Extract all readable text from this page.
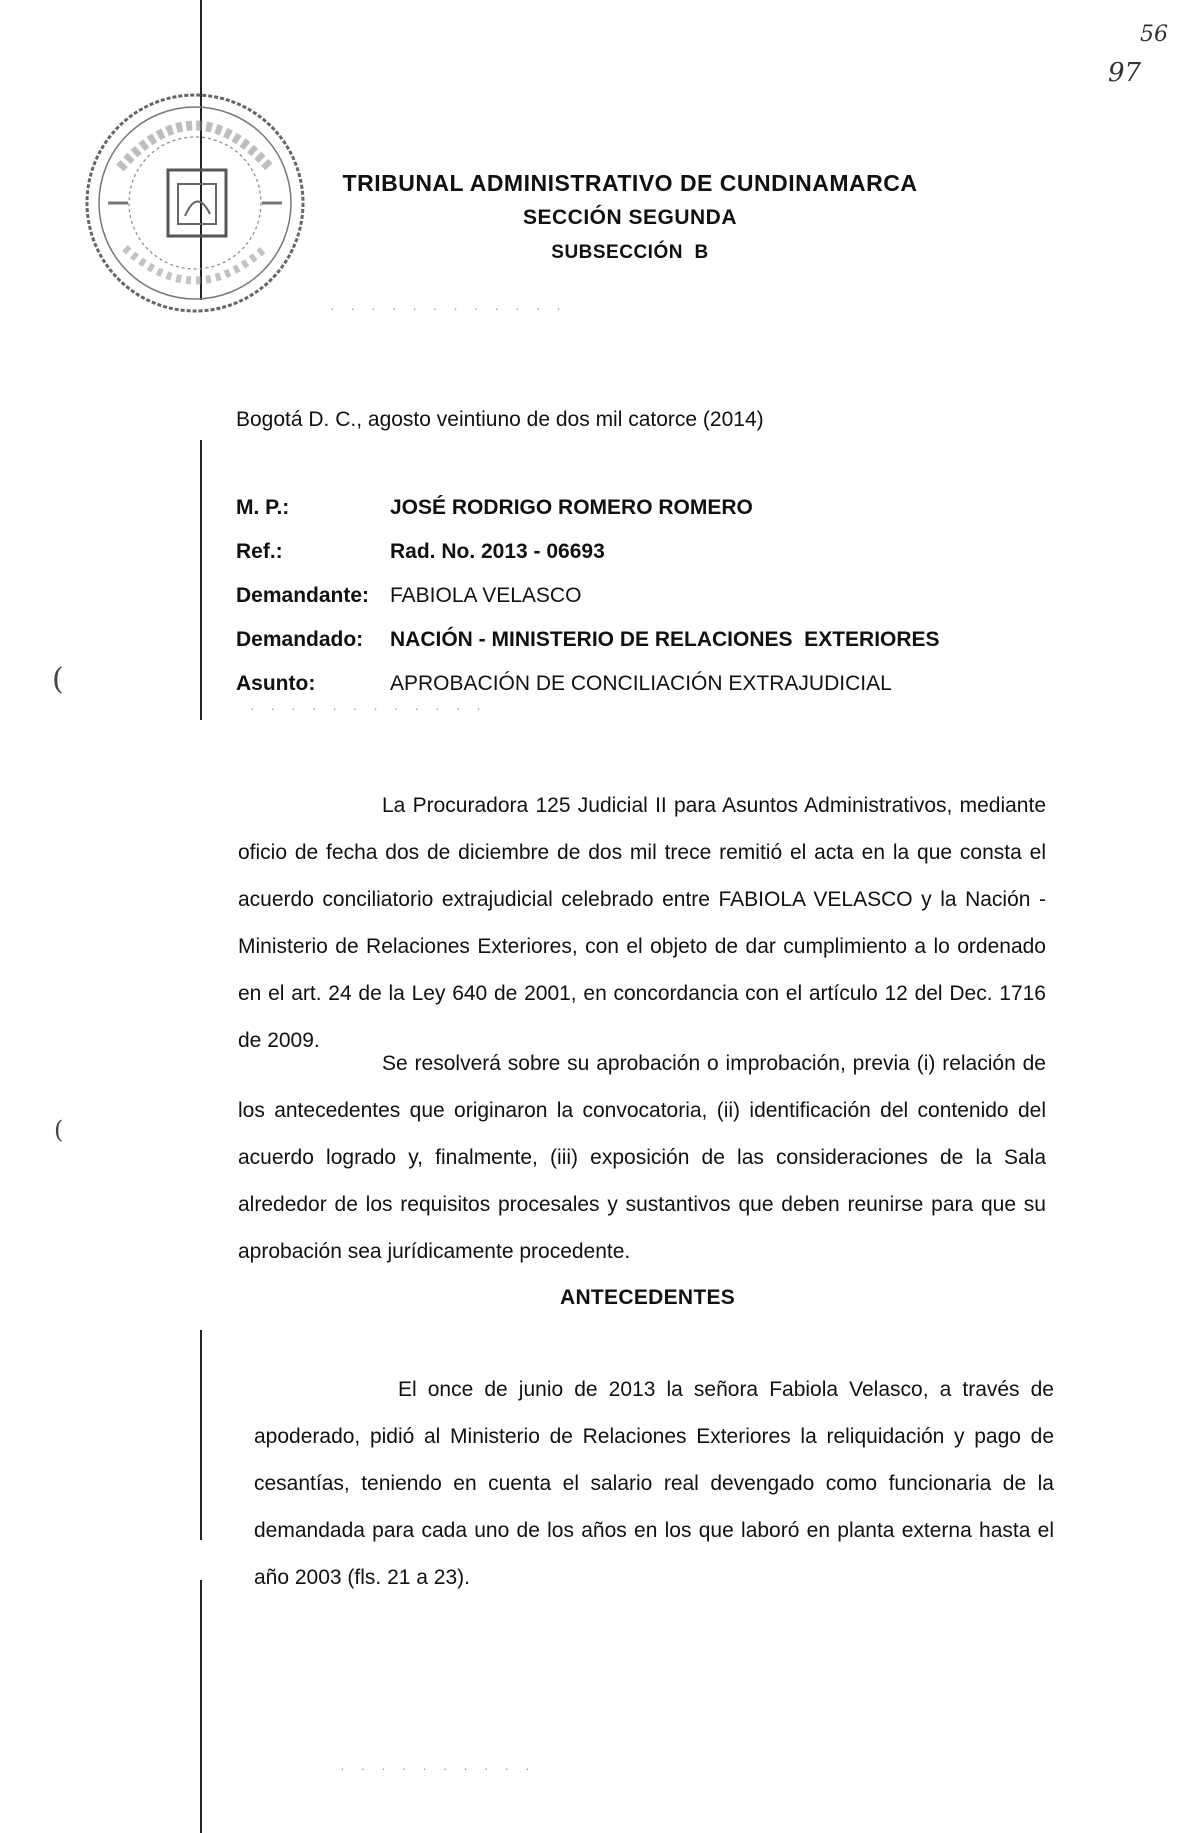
56
97
TRIBUNAL ADMINISTRATIVO DE CUNDINAMARCA
SECCIÓN SEGUNDA
SUBSECCIÓN  B
· · · · · · · · · · · ·
· · · · · · · · · · · ·
· · · · · · · · · ·
Bogotá D. C., agosto veintiuno de dos mil catorce (2014)
M. P.:	JOSÉ RODRIGO ROMERO ROMERO
Ref.:	Rad. No. 2013 - 06693
Demandante: FABIOLA VELASCO
Demandado:	NACIÓN - MINISTERIO DE RELACIONES  EXTERIORES
Asunto:	APROBACIÓN DE CONCILIACIÓN EXTRAJUDICIAL
(
(
La Procuradora 125 Judicial II para Asuntos Administrativos, mediante oficio de fecha dos de diciembre de dos mil trece remitió el acta en la que consta el acuerdo conciliatorio extrajudicial celebrado entre FABIOLA VELASCO y la Nación - Ministerio de Relaciones Exteriores, con el objeto de dar cumplimiento a lo ordenado en el art. 24 de la Ley 640 de 2001, en concordancia con el artículo 12 del Dec. 1716 de 2009.
Se resolverá sobre su aprobación o improbación, previa (i) relación de los antecedentes que originaron la convocatoria, (ii) identificación del contenido del acuerdo logrado y, finalmente, (iii) exposición de las consideraciones de la Sala alrededor de los requisitos procesales y sustantivos que deben reunirse para que su aprobación sea jurídicamente procedente.
ANTECEDENTES
El once de junio de 2013 la señora Fabiola Velasco, a través de apoderado, pidió al Ministerio de Relaciones Exteriores la reliquidación y pago de cesantías, teniendo en cuenta el salario real devengado como funcionaria de la demandada para cada uno de los años en los que laboró en planta externa hasta el año 2003 (fls. 21 a 23).
